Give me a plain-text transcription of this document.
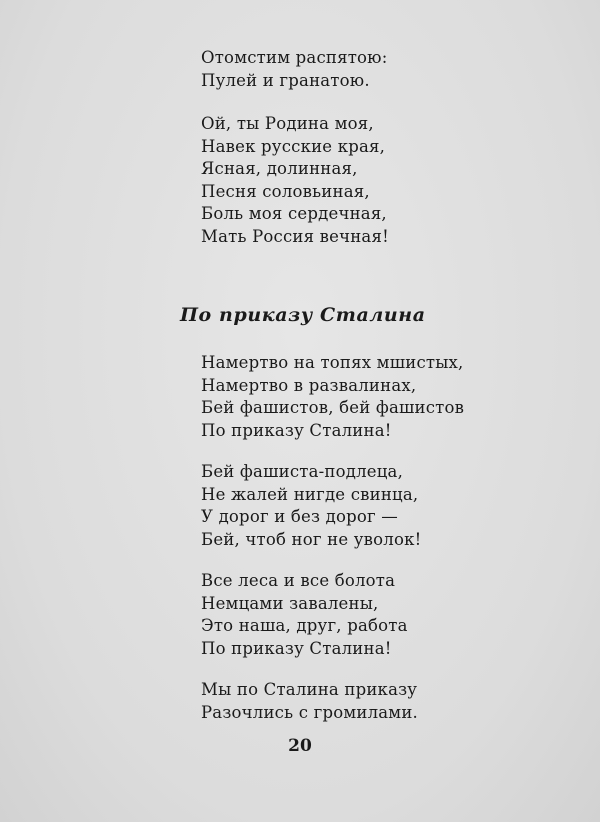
Отомстим распятою:
Пулей и гранатою.
Ой, ты Родина моя,
Навек русские края,
Ясная, долинная,
Песня соловьиная,
Боль моя сердечная,
Мать Россия вечная!
По приказу Сталина
Намертво на топях мшистых,
Намертво в развалинах,
Бей фашистов, бей фашистов
По приказу Сталина!
Бей фашиста-подлеца,
Не жалей нигде свинца,
У дорог и без дорог —
Бей, чтоб ног не уволок!
Все леса и все болота
Немцами завалены,
Это наша, друг, работа
По приказу Сталина!
Мы по Сталина приказу
Разочлись с громилами.
20
